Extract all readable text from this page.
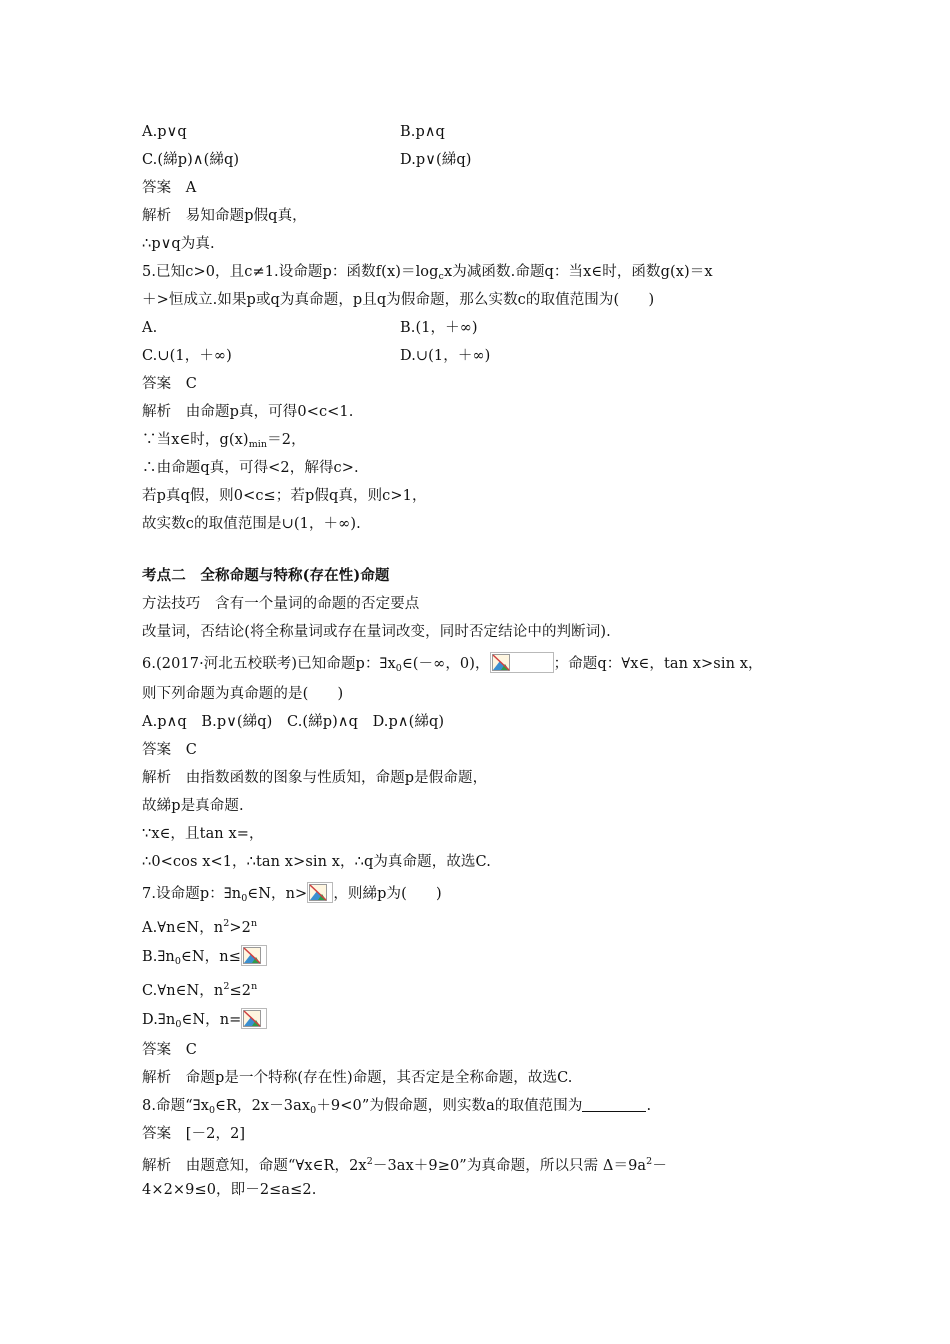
A.p∨q	B.p∧q
C.(綈p)∧(綈q)	D.p∨(綈q)
答案　A
解析　易知命题p假q真，
∴p∨q为真.
5.已知c>0，且c≠1.设命题p：函数$f(x)=\log_cx$为减函数.命题q：当x∈时，函数g(x)＝x
＋>恒成立.如果p或q为真命题，p且q为假命题，那么实数c的取值范围为(　　)
A.	B.(1，＋∞)
C.∪(1，＋∞)	D.∪(1，＋∞)
答案　C
解析　由命题p真，可得0<c<1.
∵当x∈时，$g(x)_{min}=2$，
∴由命题q真，可得<2，解得c>.
若p真q假，则0<c≤；若p假q真，则c>1，
故实数c的取值范围是∪(1，＋∞).
考点二　全称命题与特称(存在性)命题
方法技巧　含有一个量词的命题的否定要点
改量词，否结论(将全称量词或存在量词改变，同时否定结论中的判断词).
6.(2017·河北五校联考)已知命题p：$\exists x_0\in(-\infty$，0)，	；命题q：∀x∈，tan x>sin x，
则下列命题为真命题的是(　　)
A.p∧q　B.p∨(綈q)　C.(綈p)∧q　D.p∧(綈q)
答案　C
解析　由指数函数的图象与性质知，命题p是假命题，
故綈p是真命题.
∵x∈，且tan x=，
∴0<cos x<1，∴tan x>sin x，∴q为真命题，故选C.
7.设命题p：$\exists n_0\in N$，n> ，则綈p为(　　)
A.∀n∈N，$n^2>2^n$
$B.\exists n_0\in N$，n≤
C.∀n∈N，$n^2\le 2^n$
$D.\exists n_0\in N$，n=
答案　C
解析　命题p是一个特称(存在性)命题，其否定是全称命题，故选C.
8.命题“$\exists x_0\in R$，$2x-3ax_0+9<0$”为假命题，则实数a的取值范围为	.
答案　[－2，2]
解析　由题意知，命题“∀x∈R，$2x^2-3ax+9\ge 0$”为真命题，所以只需 $\Delta=9a^2-$
4×2×9≤0，即－2≤a≤2.
